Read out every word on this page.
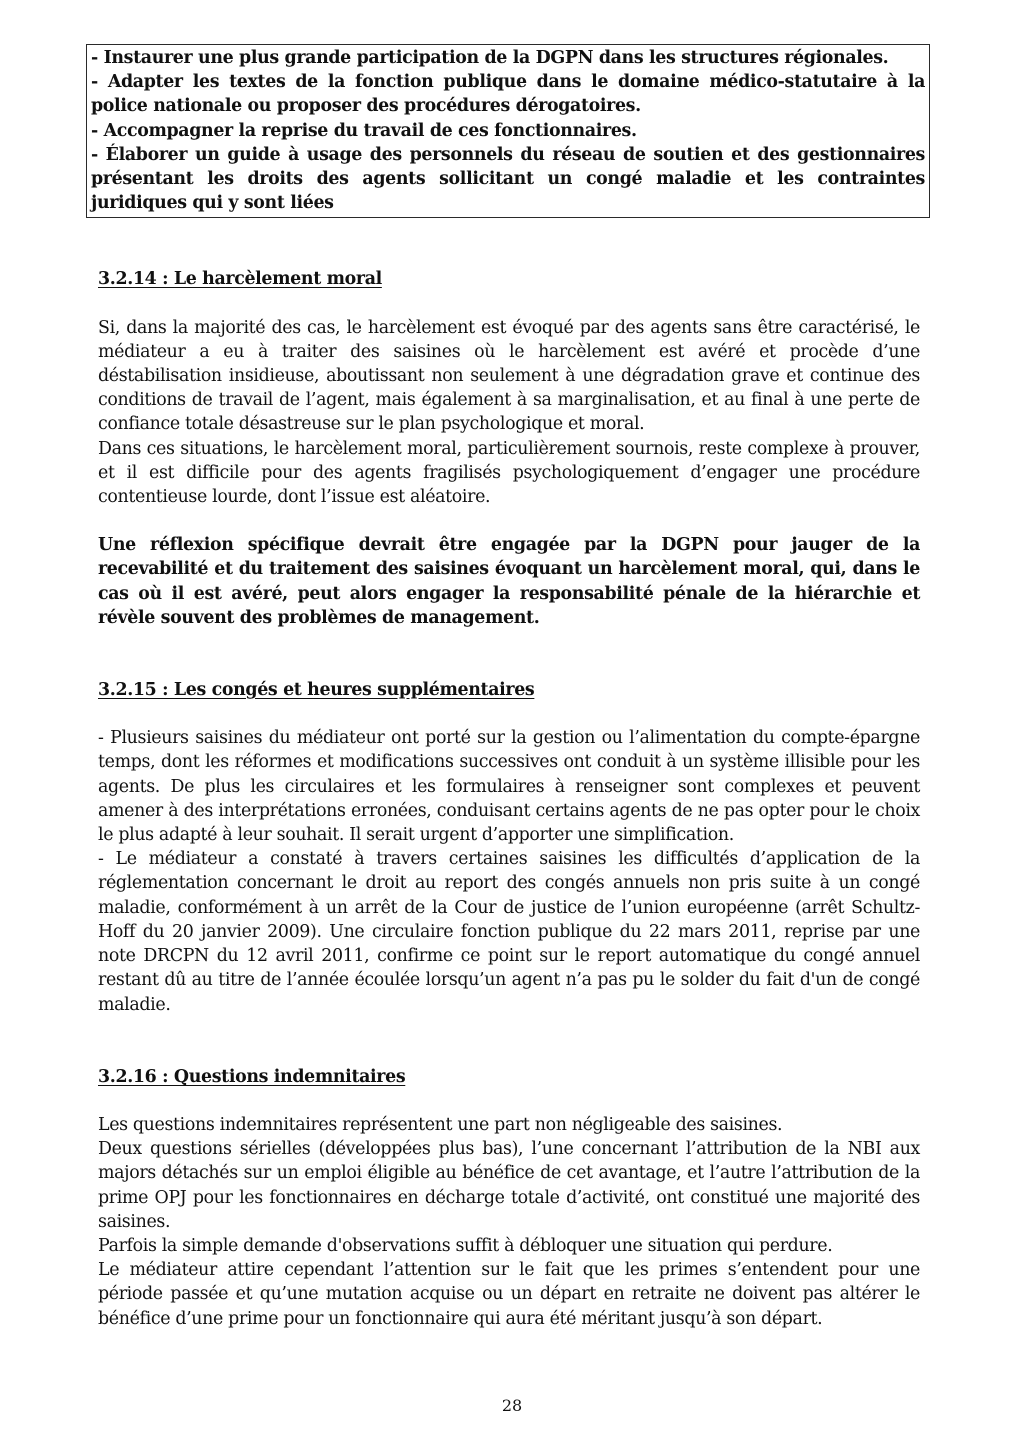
- Instaurer une plus grande participation de la DGPN dans les structures régionales.
- Adapter les textes de la fonction publique dans le domaine médico-statutaire à la police nationale ou proposer des procédures dérogatoires.
- Accompagner la reprise du travail de ces fonctionnaires.
- Élaborer un guide à usage des personnels du réseau de soutien et des gestionnaires présentant les droits des agents sollicitant un congé maladie et les contraintes juridiques qui y sont liées

3.2.14 : Le harcèlement moral

Si, dans la majorité des cas, le harcèlement est évoqué par des agents sans être caractérisé, le médiateur a eu à traiter des saisines où le harcèlement est avéré et procède d’une déstabilisation insidieuse, aboutissant non seulement à une dégradation grave et continue des conditions de travail de l’agent, mais également à sa marginalisation, et au final à une perte de confiance totale désastreuse sur le plan psychologique et moral.

Dans ces situations, le harcèlement moral, particulièrement sournois, reste complexe à prouver, et il est difficile pour des agents fragilisés psychologiquement d’engager une procédure contentieuse lourde, dont l’issue est aléatoire.

Une réflexion spécifique devrait être engagée par la DGPN pour jauger de la recevabilité et du traitement des saisines évoquant un harcèlement moral, qui, dans le cas où il est avéré, peut alors engager la responsabilité pénale de la hiérarchie et révèle souvent des problèmes de management.

3.2.15 : Les congés et heures supplémentaires

- Plusieurs saisines du médiateur ont porté sur la gestion ou l’alimentation du compte-épargne temps, dont les réformes et modifications successives ont conduit à un système illisible pour les agents. De plus les circulaires et les formulaires à renseigner sont complexes et peuvent amener à des interprétations erronées, conduisant certains agents de ne pas opter pour le choix le plus adapté à leur souhait. Il serait urgent d’apporter une simplification.

- Le médiateur a constaté à travers certaines saisines les difficultés d’application de la réglementation concernant le droit au report des congés annuels non pris suite à un congé maladie, conformément à un arrêt de la Cour de justice de l’union européenne (arrêt Schultz-Hoff du 20 janvier 2009). Une circulaire fonction publique du 22 mars 2011, reprise par une note DRCPN du 12 avril 2011, confirme ce point sur le report automatique du congé annuel restant dû au titre de l’année écoulée lorsqu’un agent n’a pas pu le solder du fait d'un de congé maladie.

3.2.16 : Questions indemnitaires

Les questions indemnitaires représentent une part non négligeable des saisines.

Deux questions sérielles (développées plus bas), l’une concernant l’attribution de la NBI aux majors détachés sur un emploi éligible au bénéfice de cet avantage, et l’autre l’attribution de la prime OPJ pour les fonctionnaires en décharge totale d’activité, ont constitué une majorité des saisines.

Parfois la simple demande d'observations suffit à débloquer une situation qui perdure.

Le médiateur attire cependant l’attention sur le fait que les primes s’entendent pour une période passée et qu’une mutation acquise ou un départ en retraite ne doivent pas altérer le bénéfice d’une prime pour un fonctionnaire qui aura été méritant jusqu’à son départ.

28
